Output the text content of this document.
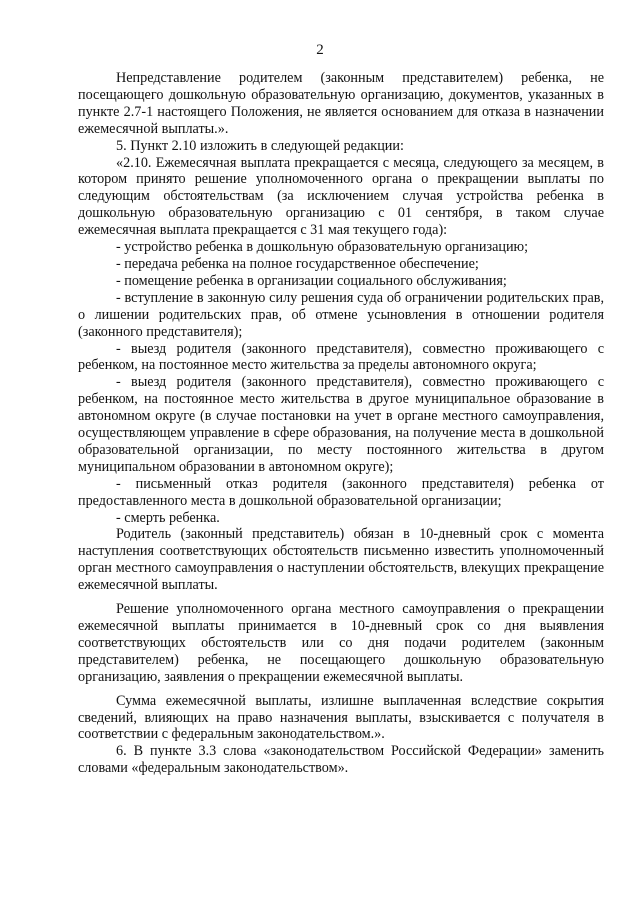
2

Непредставление родителем (законным представителем) ребенка, не посещающего дошкольную образовательную организацию, документов, указанных в пункте 2.7-1 настоящего Положения, не является основанием для отказа в назначении ежемесячной выплаты.».

5. Пункт 2.10 изложить в следующей редакции:

«2.10. Ежемесячная выплата прекращается с месяца, следующего за месяцем, в котором принято решение уполномоченного органа о прекращении выплаты по следующим обстоятельствам (за исключением случая устройства ребенка в дошкольную образовательную организацию с 01 сентября, в таком случае ежемесячная выплата прекращается с 31 мая текущего года):

- устройство ребенка в дошкольную образовательную организацию;

- передача ребенка на полное государственное обеспечение;

- помещение ребенка в организации социального обслуживания;

- вступление в законную силу решения суда об ограничении родительских прав, о лишении родительских прав, об отмене усыновления в отношении родителя (законного представителя);

- выезд родителя (законного представителя), совместно проживающего с ребенком, на постоянное место жительства за пределы автономного округа;

- выезд родителя (законного представителя), совместно проживающего с ребенком, на постоянное место жительства в другое муниципальное образование в автономном округе (в случае постановки на учет в органе местного самоуправления, осуществляющем управление в сфере образования, на получение места в дошкольной образовательной организации, по месту постоянного жительства в другом муниципальном образовании в автономном округе);

- письменный отказ родителя (законного представителя) ребенка от предоставленного места в дошкольной образовательной организации;

- смерть ребенка.

Родитель (законный представитель) обязан в 10-дневный срок с момента наступления соответствующих обстоятельств письменно известить уполномоченный орган местного самоуправления о наступлении обстоятельств, влекущих прекращение ежемесячной выплаты.

Решение уполномоченного органа местного самоуправления о прекращении ежемесячной выплаты принимается в 10-дневный срок со дня выявления соответствующих обстоятельств или со дня подачи родителем (законным представителем) ребенка, не посещающего дошкольную образовательную организацию, заявления о прекращении ежемесячной выплаты.

Сумма ежемесячной выплаты, излишне выплаченная вследствие сокрытия сведений, влияющих на право назначения выплаты, взыскивается с получателя в соответствии с федеральным законодательством.».

6. В пункте 3.3 слова «законодательством Российской Федерации» заменить словами «федеральным законодательством».
